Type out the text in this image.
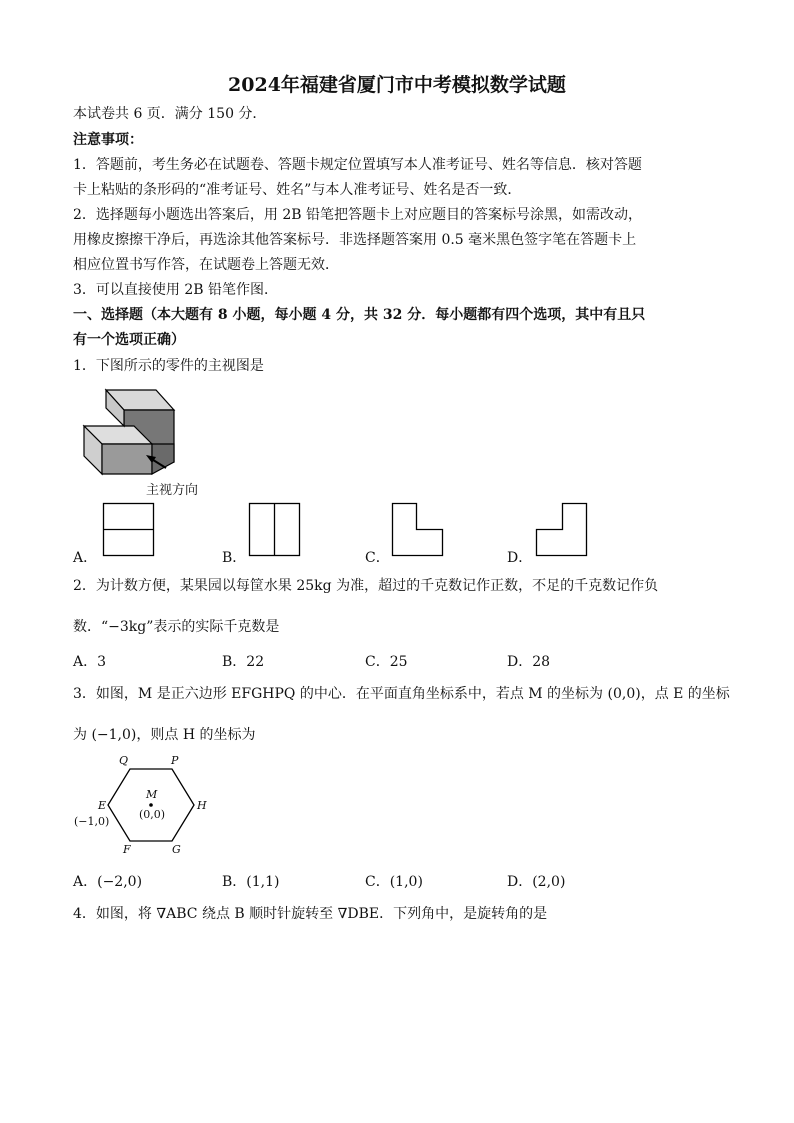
2024年福建省厦门市中考模拟数学试题
本试卷共 6 页．满分 150 分．
注意事项：
1．答题前，考生务必在试题卷、答题卡规定位置填写本人准考证号、姓名等信息．核对答题
卡上粘贴的条形码的“准考证号、姓名”与本人准考证号、姓名是否一致．
2．选择题每小题选出答案后，用 2B 铅笔把答题卡上对应题目的答案标号涂黑，如需改动，
用橡皮擦擦干净后，再选涂其他答案标号．非选择题答案用 0.5 毫米黑色签字笔在答题卡上
相应位置书写作答，在试题卷上答题无效．
3．可以直接使用 2B 铅笔作图．
一、选择题（本大题有 8 小题，每小题 4 分，共 32 分．每小题都有四个选项，其中有且只
有一个选项正确）
1．下图所示的零件的主视图是
主视方向
A．	B．	C．	D．
2．为计数方便，某果园以每筐水果 25kg 为准，超过的千克数记作正数，不足的千克数记作负
数．“−3kg”表示的实际千克数是
A．3	B．22	C．25	D．28
3．如图，M 是正六边形 EFGHPQ 的中心．在平面直角坐标系中，若点 M 的坐标为 (0,0)，点 E 的坐标
为 (−1,0)，则点 H 的坐标为
Q	P
E	H
F	G
M
(0,0)
(−1,0)
A．(−2,0)	B．(1,1)	C．(1,0)	D．(2,0)
4．如图，将 ∇ABC 绕点 B 顺时针旋转至 ∇DBE．下列角中，是旋转角的是
